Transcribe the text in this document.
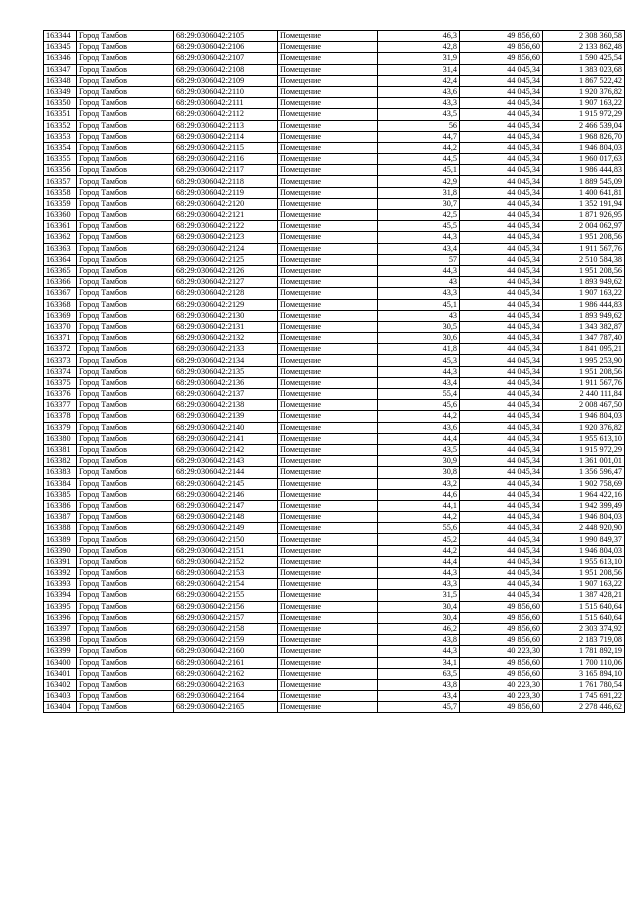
163344	Город Тамбов	68:29:0306042:2105	Помещение	46,3	49 856,60	2 308 360,58
163345	Город Тамбов	68:29:0306042:2106	Помещение	42,8	49 856,60	2 133 862,48
163346	Город Тамбов	68:29:0306042:2107	Помещение	31,9	49 856,60	1 590 425,54
163347	Город Тамбов	68:29:0306042:2108	Помещение	31,4	44 045,34	1 383 023,68
163348	Город Тамбов	68:29:0306042:2109	Помещение	42,4	44 045,34	1 867 522,42
163349	Город Тамбов	68:29:0306042:2110	Помещение	43,6	44 045,34	1 920 376,82
163350	Город Тамбов	68:29:0306042:2111	Помещение	43,3	44 045,34	1 907 163,22
163351	Город Тамбов	68:29:0306042:2112	Помещение	43,5	44 045,34	1 915 972,29
163352	Город Тамбов	68:29:0306042:2113	Помещение	56	44 045,34	2 466 539,04
163353	Город Тамбов	68:29:0306042:2114	Помещение	44,7	44 045,34	1 968 826,70
163354	Город Тамбов	68:29:0306042:2115	Помещение	44,2	44 045,34	1 946 804,03
163355	Город Тамбов	68:29:0306042:2116	Помещение	44,5	44 045,34	1 960 017,63
163356	Город Тамбов	68:29:0306042:2117	Помещение	45,1	44 045,34	1 986 444,83
163357	Город Тамбов	68:29:0306042:2118	Помещение	42,9	44 045,34	1 889 545,09
163358	Город Тамбов	68:29:0306042:2119	Помещение	31,8	44 045,34	1 400 641,81
163359	Город Тамбов	68:29:0306042:2120	Помещение	30,7	44 045,34	1 352 191,94
163360	Город Тамбов	68:29:0306042:2121	Помещение	42,5	44 045,34	1 871 926,95
163361	Город Тамбов	68:29:0306042:2122	Помещение	45,5	44 045,34	2 004 062,97
163362	Город Тамбов	68:29:0306042:2123	Помещение	44,3	44 045,34	1 951 208,56
163363	Город Тамбов	68:29:0306042:2124	Помещение	43,4	44 045,34	1 911 567,76
163364	Город Тамбов	68:29:0306042:2125	Помещение	57	44 045,34	2 510 584,38
163365	Город Тамбов	68:29:0306042:2126	Помещение	44,3	44 045,34	1 951 208,56
163366	Город Тамбов	68:29:0306042:2127	Помещение	43	44 045,34	1 893 949,62
163367	Город Тамбов	68:29:0306042:2128	Помещение	43,3	44 045,34	1 907 163,22
163368	Город Тамбов	68:29:0306042:2129	Помещение	45,1	44 045,34	1 986 444,83
163369	Город Тамбов	68:29:0306042:2130	Помещение	43	44 045,34	1 893 949,62
163370	Город Тамбов	68:29:0306042:2131	Помещение	30,5	44 045,34	1 343 382,87
163371	Город Тамбов	68:29:0306042:2132	Помещение	30,6	44 045,34	1 347 787,40
163372	Город Тамбов	68:29:0306042:2133	Помещение	41,8	44 045,34	1 841 095,21
163373	Город Тамбов	68:29:0306042:2134	Помещение	45,3	44 045,34	1 995 253,90
163374	Город Тамбов	68:29:0306042:2135	Помещение	44,3	44 045,34	1 951 208,56
163375	Город Тамбов	68:29:0306042:2136	Помещение	43,4	44 045,34	1 911 567,76
163376	Город Тамбов	68:29:0306042:2137	Помещение	55,4	44 045,34	2 440 111,84
163377	Город Тамбов	68:29:0306042:2138	Помещение	45,6	44 045,34	2 008 467,50
163378	Город Тамбов	68:29:0306042:2139	Помещение	44,2	44 045,34	1 946 804,03
163379	Город Тамбов	68:29:0306042:2140	Помещение	43,6	44 045,34	1 920 376,82
163380	Город Тамбов	68:29:0306042:2141	Помещение	44,4	44 045,34	1 955 613,10
163381	Город Тамбов	68:29:0306042:2142	Помещение	43,5	44 045,34	1 915 972,29
163382	Город Тамбов	68:29:0306042:2143	Помещение	30,9	44 045,34	1 361 001,01
163383	Город Тамбов	68:29:0306042:2144	Помещение	30,8	44 045,34	1 356 596,47
163384	Город Тамбов	68:29:0306042:2145	Помещение	43,2	44 045,34	1 902 758,69
163385	Город Тамбов	68:29:0306042:2146	Помещение	44,6	44 045,34	1 964 422,16
163386	Город Тамбов	68:29:0306042:2147	Помещение	44,1	44 045,34	1 942 399,49
163387	Город Тамбов	68:29:0306042:2148	Помещение	44,2	44 045,34	1 946 804,03
163388	Город Тамбов	68:29:0306042:2149	Помещение	55,6	44 045,34	2 448 920,90
163389	Город Тамбов	68:29:0306042:2150	Помещение	45,2	44 045,34	1 990 849,37
163390	Город Тамбов	68:29:0306042:2151	Помещение	44,2	44 045,34	1 946 804,03
163391	Город Тамбов	68:29:0306042:2152	Помещение	44,4	44 045,34	1 955 613,10
163392	Город Тамбов	68:29:0306042:2153	Помещение	44,3	44 045,34	1 951 208,56
163393	Город Тамбов	68:29:0306042:2154	Помещение	43,3	44 045,34	1 907 163,22
163394	Город Тамбов	68:29:0306042:2155	Помещение	31,5	44 045,34	1 387 428,21
163395	Город Тамбов	68:29:0306042:2156	Помещение	30,4	49 856,60	1 515 640,64
163396	Город Тамбов	68:29:0306042:2157	Помещение	30,4	49 856,60	1 515 640,64
163397	Город Тамбов	68:29:0306042:2158	Помещение	46,2	49 856,60	2 303 374,92
163398	Город Тамбов	68:29:0306042:2159	Помещение	43,8	49 856,60	2 183 719,08
163399	Город Тамбов	68:29:0306042:2160	Помещение	44,3	40 223,30	1 781 892,19
163400	Город Тамбов	68:29:0306042:2161	Помещение	34,1	49 856,60	1 700 110,06
163401	Город Тамбов	68:29:0306042:2162	Помещение	63,5	49 856,60	3 165 894,10
163402	Город Тамбов	68:29:0306042:2163	Помещение	43,8	40 223,30	1 761 780,54
163403	Город Тамбов	68:29:0306042:2164	Помещение	43,4	40 223,30	1 745 691,22
163404	Город Тамбов	68:29:0306042:2165	Помещение	45,7	49 856,60	2 278 446,62
